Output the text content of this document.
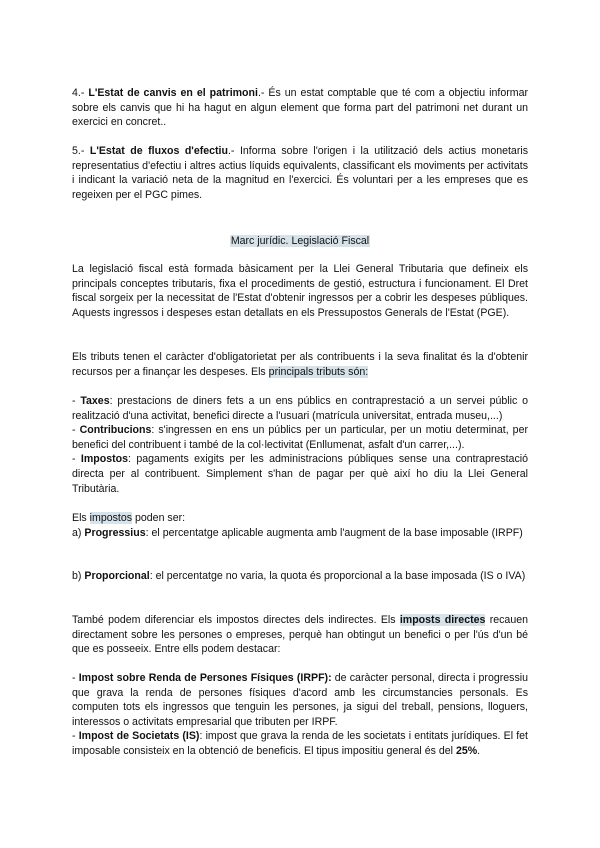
4.- L'Estat de canvis en el patrimoni.- És un estat comptable que té com a objectiu informar sobre els canvis que hi ha hagut en algun element que forma part del patrimoni net durant un exercici en concret..

5.- L'Estat de fluxos d'efectiu.- Informa sobre l'origen i la utilització dels actius monetaris representatius d'efectiu i altres actius líquids equivalents, classificant els moviments per activitats i indicant la variació neta de la magnitud en l'exercici. És voluntari per a les empreses que es regeixen per el PGC pimes.

Marc jurídic. Legislació Fiscal

La legislació fiscal està formada bàsicament per la Llei General Tributaria que defineix els principals conceptes tributaris, fixa el procediments de gestió, estructura i funcionament. El Dret fiscal sorgeix per la necessitat de l'Estat d'obtenir ingressos per a cobrir les despeses públiques. Aquests ingressos i despeses estan detallats en els Pressupostos Generals de l'Estat (PGE).

Els tributs tenen el caràcter d'obligatorietat per als contribuents i la seva finalitat és la d'obtenir recursos per a finançar les despeses. Els principals tributs són:

- Taxes: prestacions de diners fets a un ens públics en contraprestació a un servei públic o realització d'una activitat, benefici directe a l'usuari (matrícula universitat, entrada museu,...)
- Contribucions: s'ingressen en ens un públics per un particular, per un motiu determinat, per benefici del contribuent i també de la col·lectivitat (Enllumenat, asfalt d'un carrer,...).
- Impostos: pagaments exigits per les administracions públiques sense una contraprestació directa per al contribuent. Simplement s'han de pagar per què així ho diu la Llei General Tributària.
Els impostos poden ser:
a) Progressius: el percentatge aplicable augmenta amb l'augment de la base imposable (IRPF)

b) Proporcional: el percentatge no varia, la quota és proporcional a la base imposada (IS o IVA)

També podem diferenciar els impostos directes dels indirectes. Els imposts directes recauen directament sobre les persones o empreses, perquè han obtingut un benefici o per l'ús d'un bé que es posseeix. Entre ells podem destacar:

- Impost sobre Renda de Persones Físiques (IRPF): de caràcter personal, directa i progressiu que grava la renda de persones físiques d'acord amb les circumstancies personals. Es computen tots els ingressos que tenguin les persones, ja sigui del treball, pensions, lloguers, interessos o activitats empresarial que tributen per IRPF.
- Impost de Societats (IS): impost que grava la renda de les societats i entitats jurídiques. El fet imposable consisteix en la obtenció de beneficis. El tipus impositiu general és del 25%.
